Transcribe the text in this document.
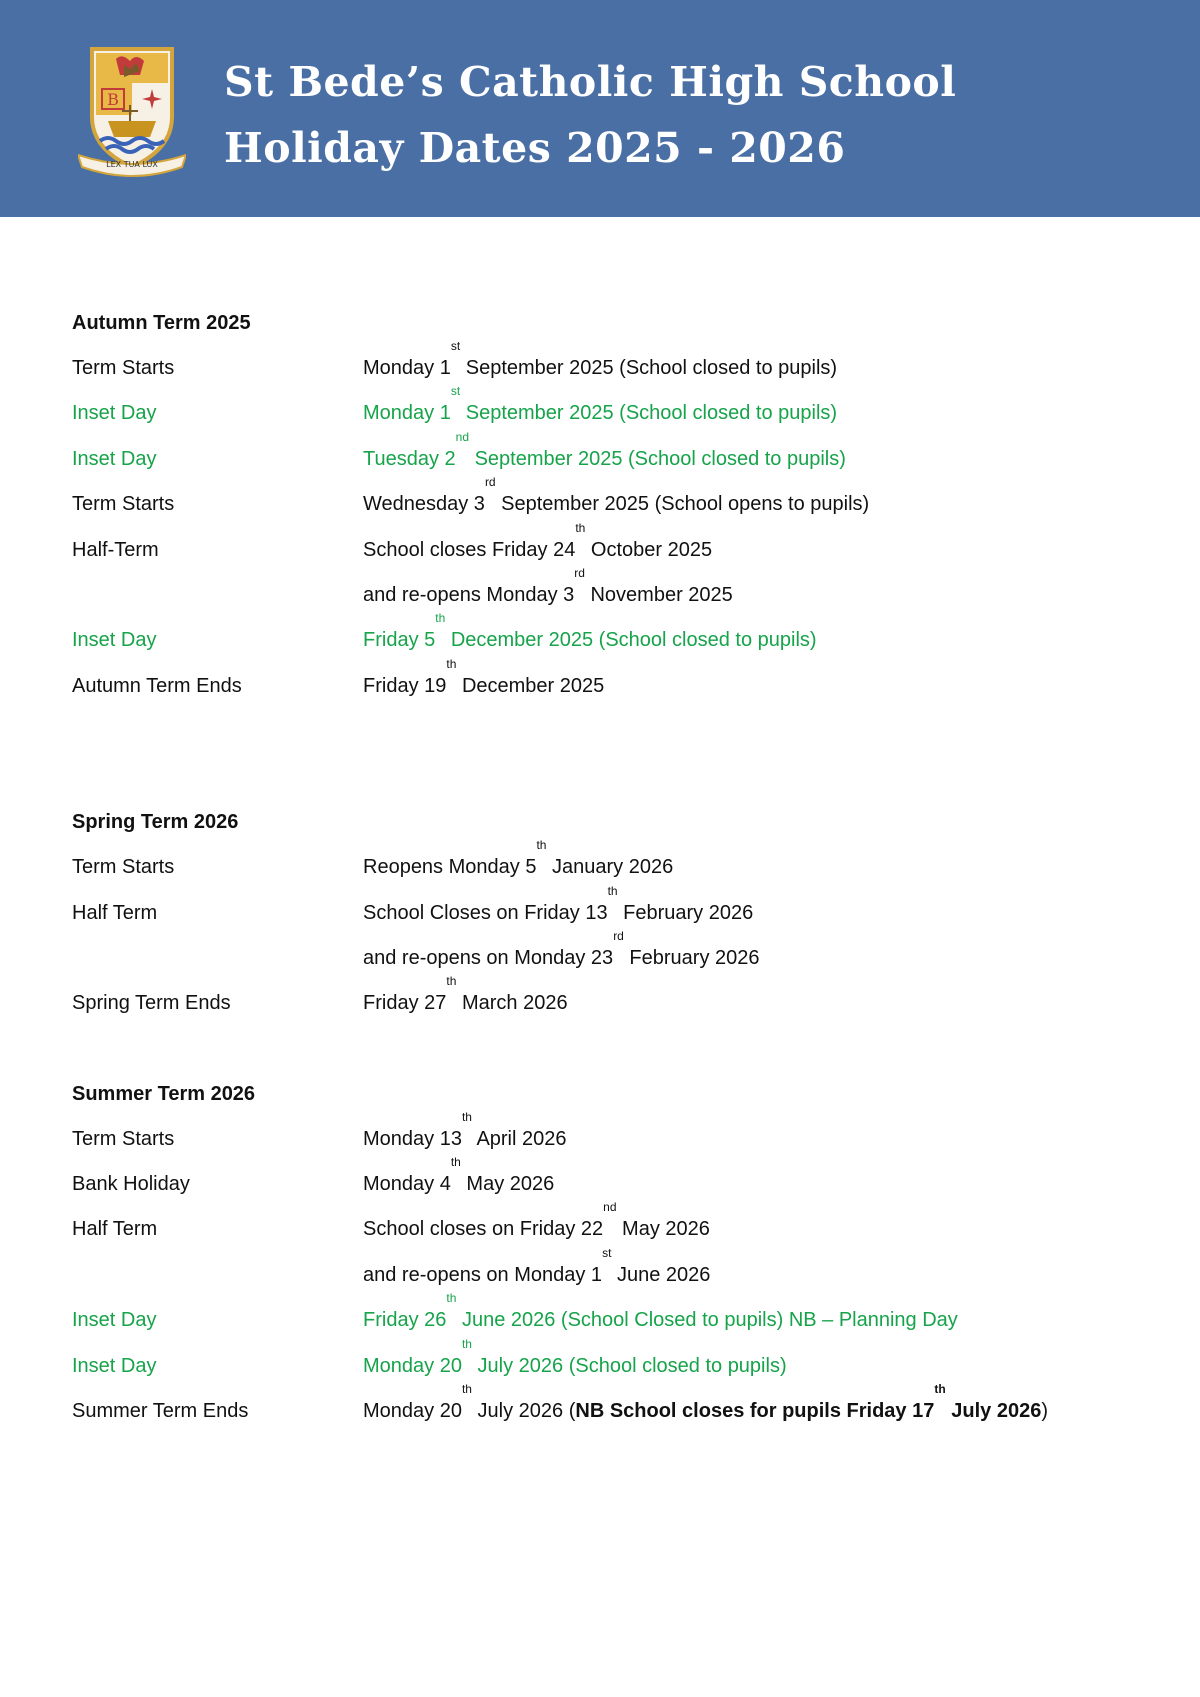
B
LEX TUA LUX
St Bede’s Catholic High School
Holiday Dates 2025 - 2026
Autumn Term 2025
Term Starts	Monday 1st September 2025 (School closed to pupils)
Inset Day	Monday 1st September 2025 (School closed to pupils)
Inset Day	Tuesday 2nd September 2025 (School closed to pupils)
Term Starts	Wednesday 3rd September 2025 (School opens to pupils)
Half-Term	School closes Friday 24th October 2025
and re-opens Monday 3rd November 2025
Inset Day	Friday 5th December 2025 (School closed to pupils)
Autumn Term Ends	Friday 19th December 2025
Spring Term 2026
Term Starts	Reopens Monday 5th January 2026
Half Term	School Closes on Friday 13th February 2026
and re-opens on Monday 23rd February 2026
Spring Term Ends	Friday 27th March 2026
Summer Term 2026
Term Starts	Monday 13th April 2026
Bank Holiday	Monday 4th May 2026
Half Term	School closes on Friday 22nd May 2026
and re-opens on Monday 1st June 2026
Inset Day	Friday 26th June 2026 (School Closed to pupils) NB – Planning Day
Inset Day	Monday 20th July 2026 (School closed to pupils)
Summer Term Ends	Monday 20th July 2026 (NB School closes for pupils Friday 17th July 2026)
